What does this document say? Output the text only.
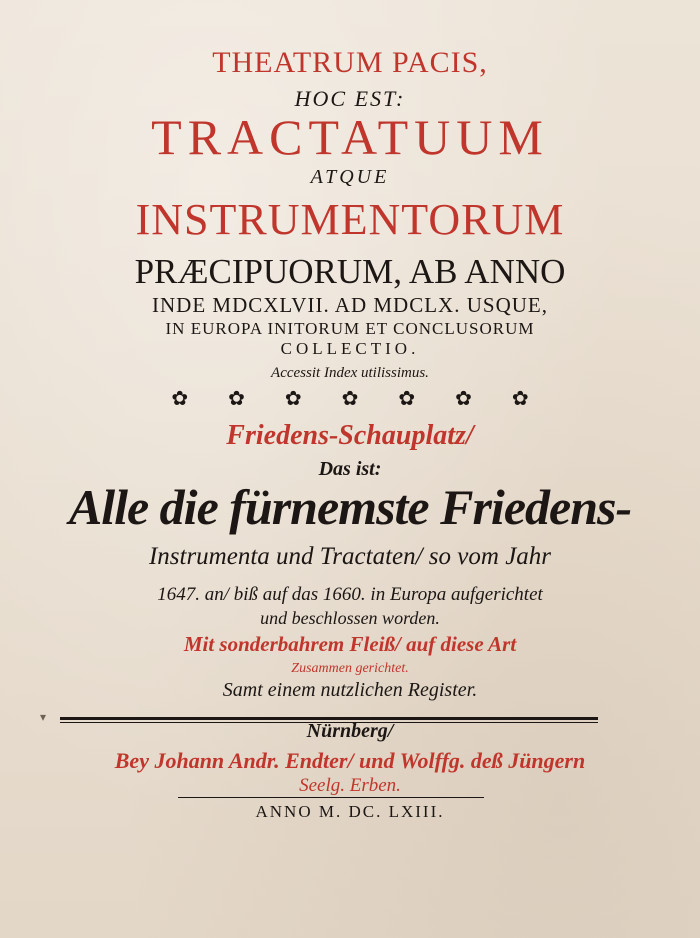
THEATRUM PACIS,

HOC EST:

TRACTATUUM

ATQUE

INSTRUMENTORUM

PRÆCIPUORUM, AB ANNO

INDE MDCXLVII. AD MDCLX. USQUE,

IN EUROPA INITORUM ET CONCLUSORUM

COLLECTIO.

Accessit Index utilissimus.

✿ ✿ ✿ ✿ ✿ ✿ ✿

Friedens-Schauplatz/

Das ist:

Alle die fürnemste Friedens-

Instrumenta und Tractaten/ so vom Jahr

1647. an/ biß auf das 1660. in Europa aufgerichtet

und beschlossen worden.

Mit sonderbahrem Fleiß/ auf diese Art

Zusammen gerichtet.

Samt einem nutzlichen Register.

▾

Nürnberg/

Bey Johann Andr. Endter/ und Wolffg. deß Jüngern

Seelg. Erben.

ANNO M. DC. LXIII.
